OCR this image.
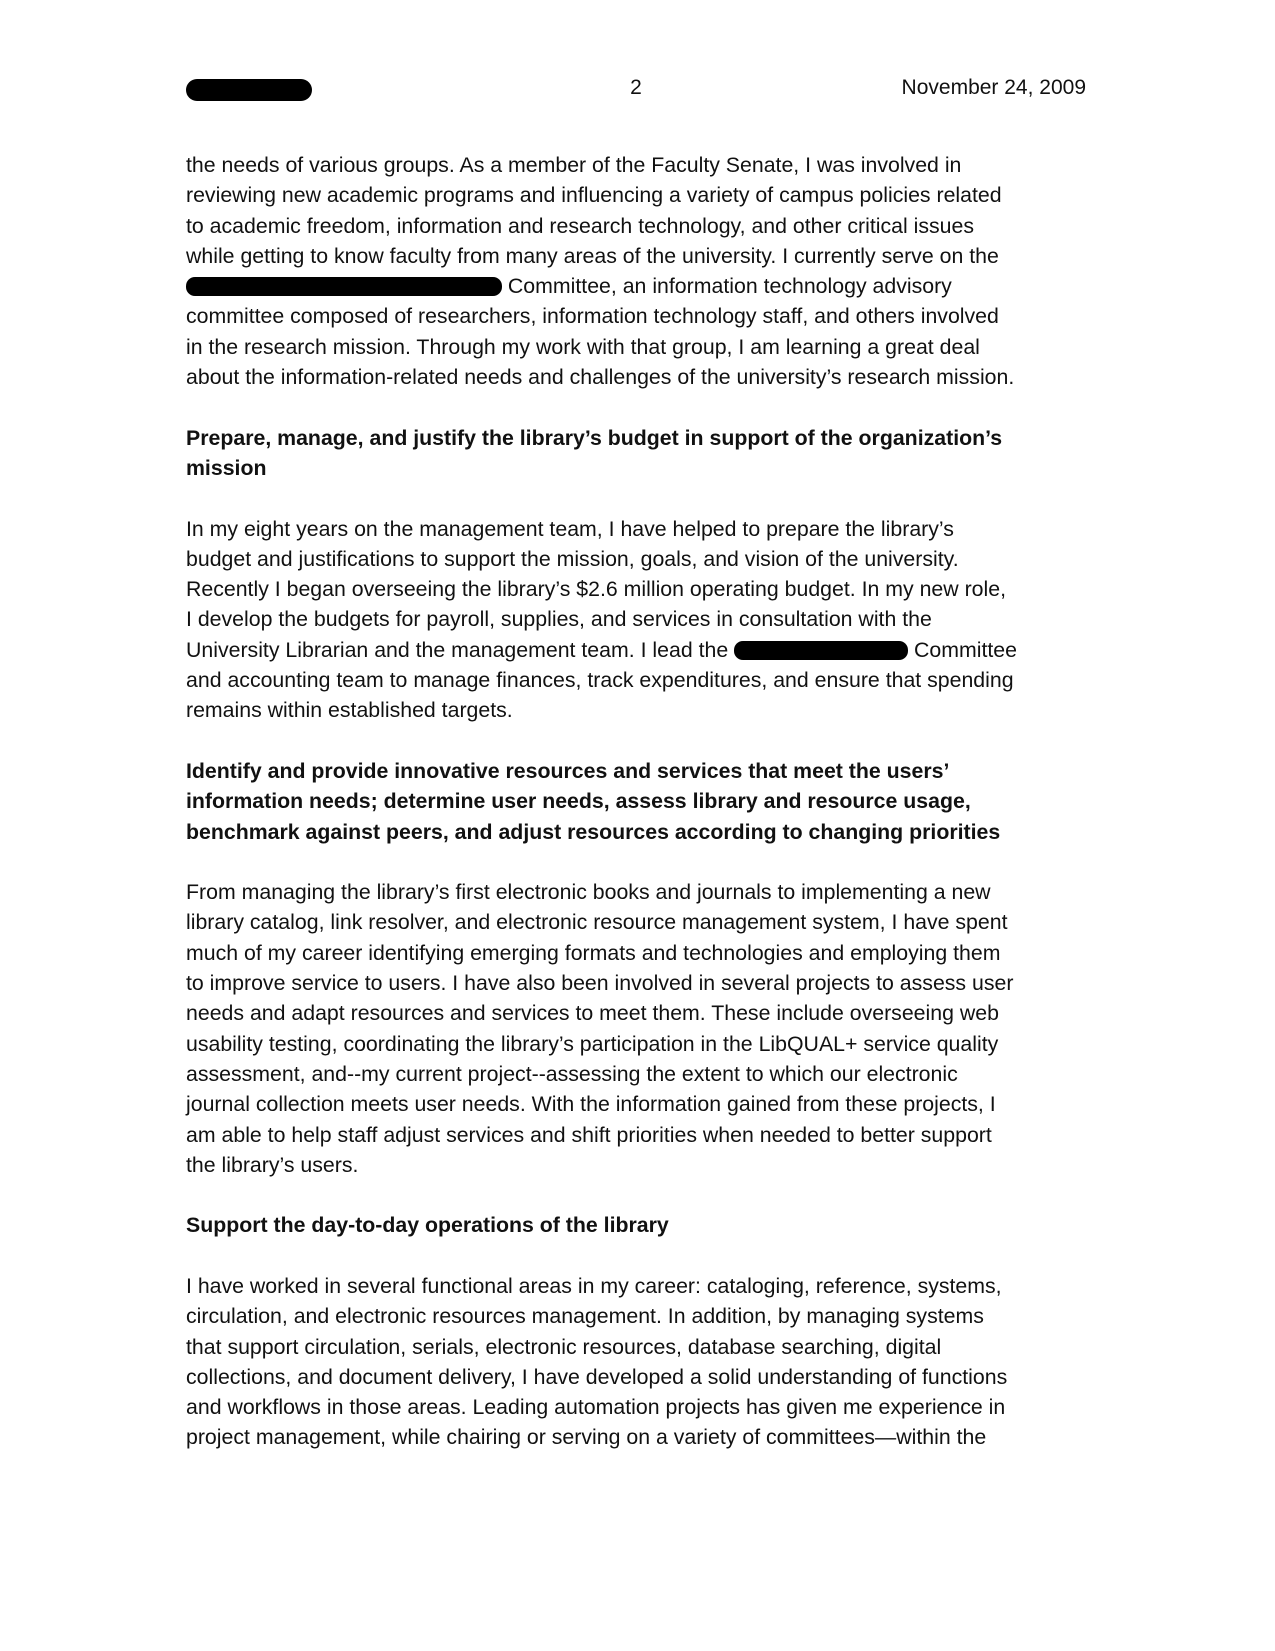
2	November 24, 2009
the needs of various groups. As a member of the Faculty Senate, I was involved in
reviewing new academic programs and influencing a variety of campus policies related
to academic freedom, information and research technology, and other critical issues
while getting to know faculty from many areas of the university. I currently serve on the
Committee, an information technology advisory
committee composed of researchers, information technology staff, and others involved
in the research mission. Through my work with that group, I am learning a great deal
about the information-related needs and challenges of the university’s research mission.
Prepare, manage, and justify the library’s budget in support of the organization’s
mission
In my eight years on the management team, I have helped to prepare the library’s
budget and justifications to support the mission, goals, and vision of the university.
Recently I began overseeing the library’s $2.6 million operating budget. In my new role,
I develop the budgets for payroll, supplies, and services in consultation with the
University Librarian and the management team. I lead the	Committee
and accounting team to manage finances, track expenditures, and ensure that spending
remains within established targets.
Identify and provide innovative resources and services that meet the users’
information needs; determine user needs, assess library and resource usage,
benchmark against peers, and adjust resources according to changing priorities
From managing the library’s first electronic books and journals to implementing a new
library catalog, link resolver, and electronic resource management system, I have spent
much of my career identifying emerging formats and technologies and employing them
to improve service to users. I have also been involved in several projects to assess user
needs and adapt resources and services to meet them. These include overseeing web
usability testing, coordinating the library’s participation in the LibQUAL+ service quality
assessment, and--my current project--assessing the extent to which our electronic
journal collection meets user needs. With the information gained from these projects, I
am able to help staff adjust services and shift priorities when needed to better support
the library’s users.
Support the day-to-day operations of the library
I have worked in several functional areas in my career: cataloging, reference, systems,
circulation, and electronic resources management. In addition, by managing systems
that support circulation, serials, electronic resources, database searching, digital
collections, and document delivery, I have developed a solid understanding of functions
and workflows in those areas. Leading automation projects has given me experience in
project management, while chairing or serving on a variety of committees—within the
